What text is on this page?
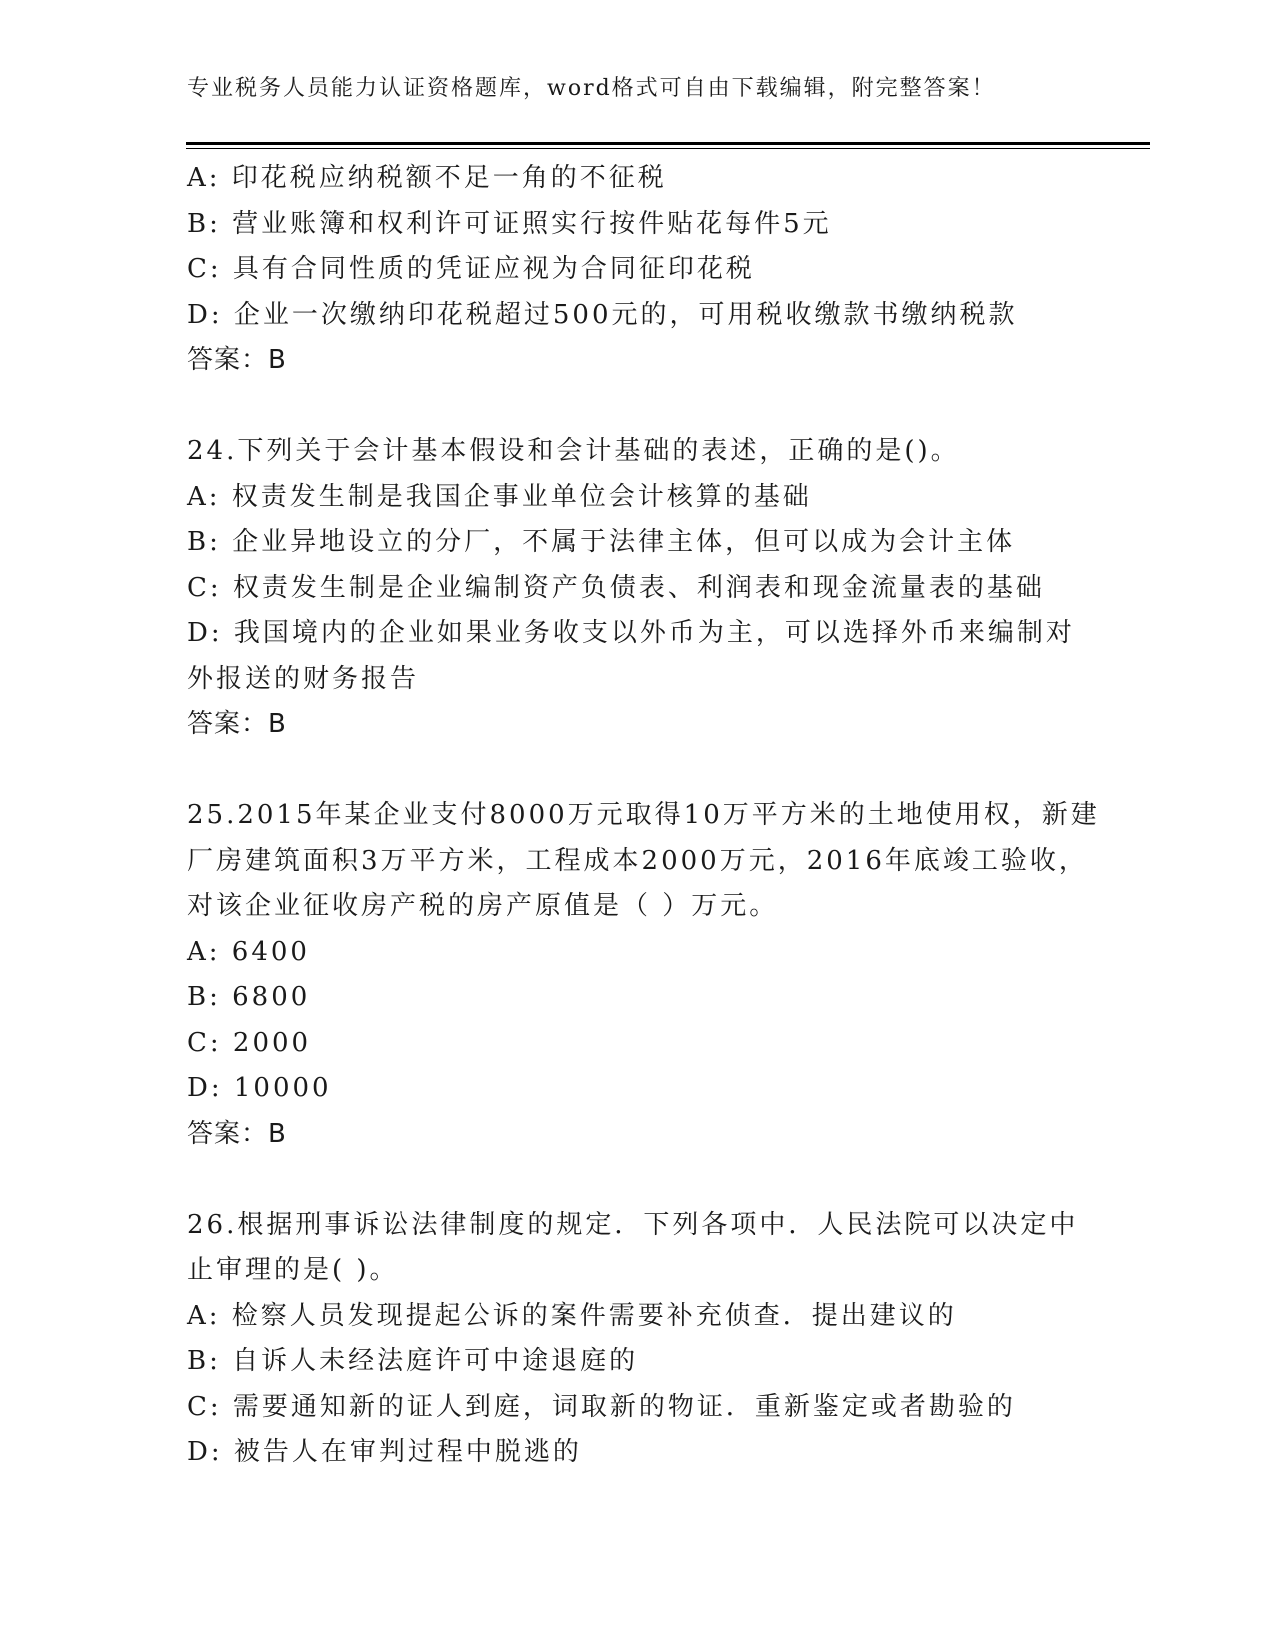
专业税务人员能力认证资格题库，word格式可自由下载编辑，附完整答案！
A: 印花税应纳税额不足一角的不征税
B: 营业账簿和权利许可证照实行按件贴花每件5元
C: 具有合同性质的凭证应视为合同征印花税
D: 企业一次缴纳印花税超过500元的，可用税收缴款书缴纳税款
答案：B
24.下列关于会计基本假设和会计基础的表述，正确的是()。
A: 权责发生制是我国企事业单位会计核算的基础
B: 企业异地设立的分厂，不属于法律主体，但可以成为会计主体
C: 权责发生制是企业编制资产负债表、利润表和现金流量表的基础
D: 我国境内的企业如果业务收支以外币为主，可以选择外币来编制对
外报送的财务报告
答案：B
25.2015年某企业支付8000万元取得10万平方米的土地使用权，新建
厂房建筑面积3万平方米，工程成本2000万元，2016年底竣工验收，
对该企业征收房产税的房产原值是（ ）万元。
A: 6400
B: 6800
C: 2000
D: 10000
答案：B
26.根据刑事诉讼法律制度的规定．下列各项中．人民法院可以决定中
止审理的是( )。
A: 检察人员发现提起公诉的案件需要补充侦查．提出建议的
B: 自诉人未经法庭许可中途退庭的
C: 需要通知新的证人到庭，词取新的物证．重新鉴定或者勘验的
D: 被告人在审判过程中脱逃的
